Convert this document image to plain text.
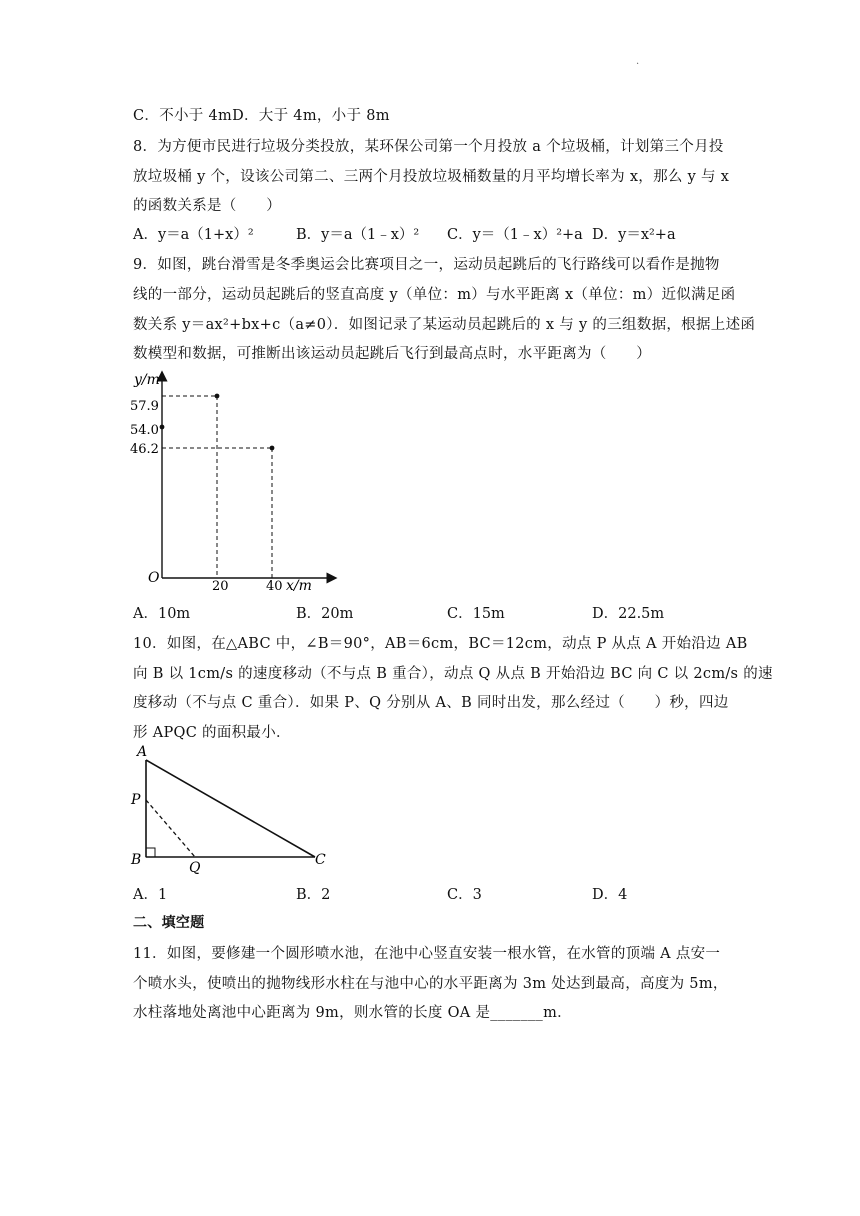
.
C．不小于 4mD．大于 4m，小于 8m
8．为方便市民进行垃圾分类投放，某环保公司第一个月投放 a 个垃圾桶，计划第三个月投
放垃圾桶 y 个，设该公司第二、三两个月投放垃圾桶数量的月平均增长率为 x，那么 y 与 x
的函数关系是（　　）
A．y＝a（1+x）²	B．y＝a（1﹣x）² C．y＝（1﹣x）²+a D．y＝x²+a
9．如图，跳台滑雪是冬季奥运会比赛项目之一，运动员起跳后的飞行路线可以看作是抛物
线的一部分，运动员起跳后的竖直高度 y（单位：m）与水平距离 x（单位：m）近似满足函
数关系 y＝ax²+bx+c（a≠0）．如图记录了某运动员起跳后的 x 与 y 的三组数据，根据上述函
数模型和数据，可推断出该运动员起跳后飞行到最高点时，水平距离为（　　）
y/m
x/m
O
57.9
54.0
46.2
20	40
A．10m	B．20m	C．15m	D．22.5m
10．如图，在△ABC 中，∠B＝90°，AB＝6cm，BC＝12cm，动点 P 从点 A 开始沿边 AB
向 B 以 1cm/s 的速度移动（不与点 B 重合），动点 Q 从点 B 开始沿边 BC 向 C 以 2cm/s 的速
度移动（不与点 C 重合）．如果 P、Q 分别从 A、B 同时出发，那么经过（　　）秒，四边
形 APQC 的面积最小．
A
P
B	Q	C
A．1	B．2	C．3	D．4
二、填空题
11．如图，要修建一个圆形喷水池，在池中心竖直安装一根水管，在水管的顶端 A 点安一
个喷水头，使喷出的抛物线形水柱在与池中心的水平距离为 3m 处达到最高，高度为 5m，
水柱落地处离池中心距离为 9m，则水管的长度 OA 是_______m．
